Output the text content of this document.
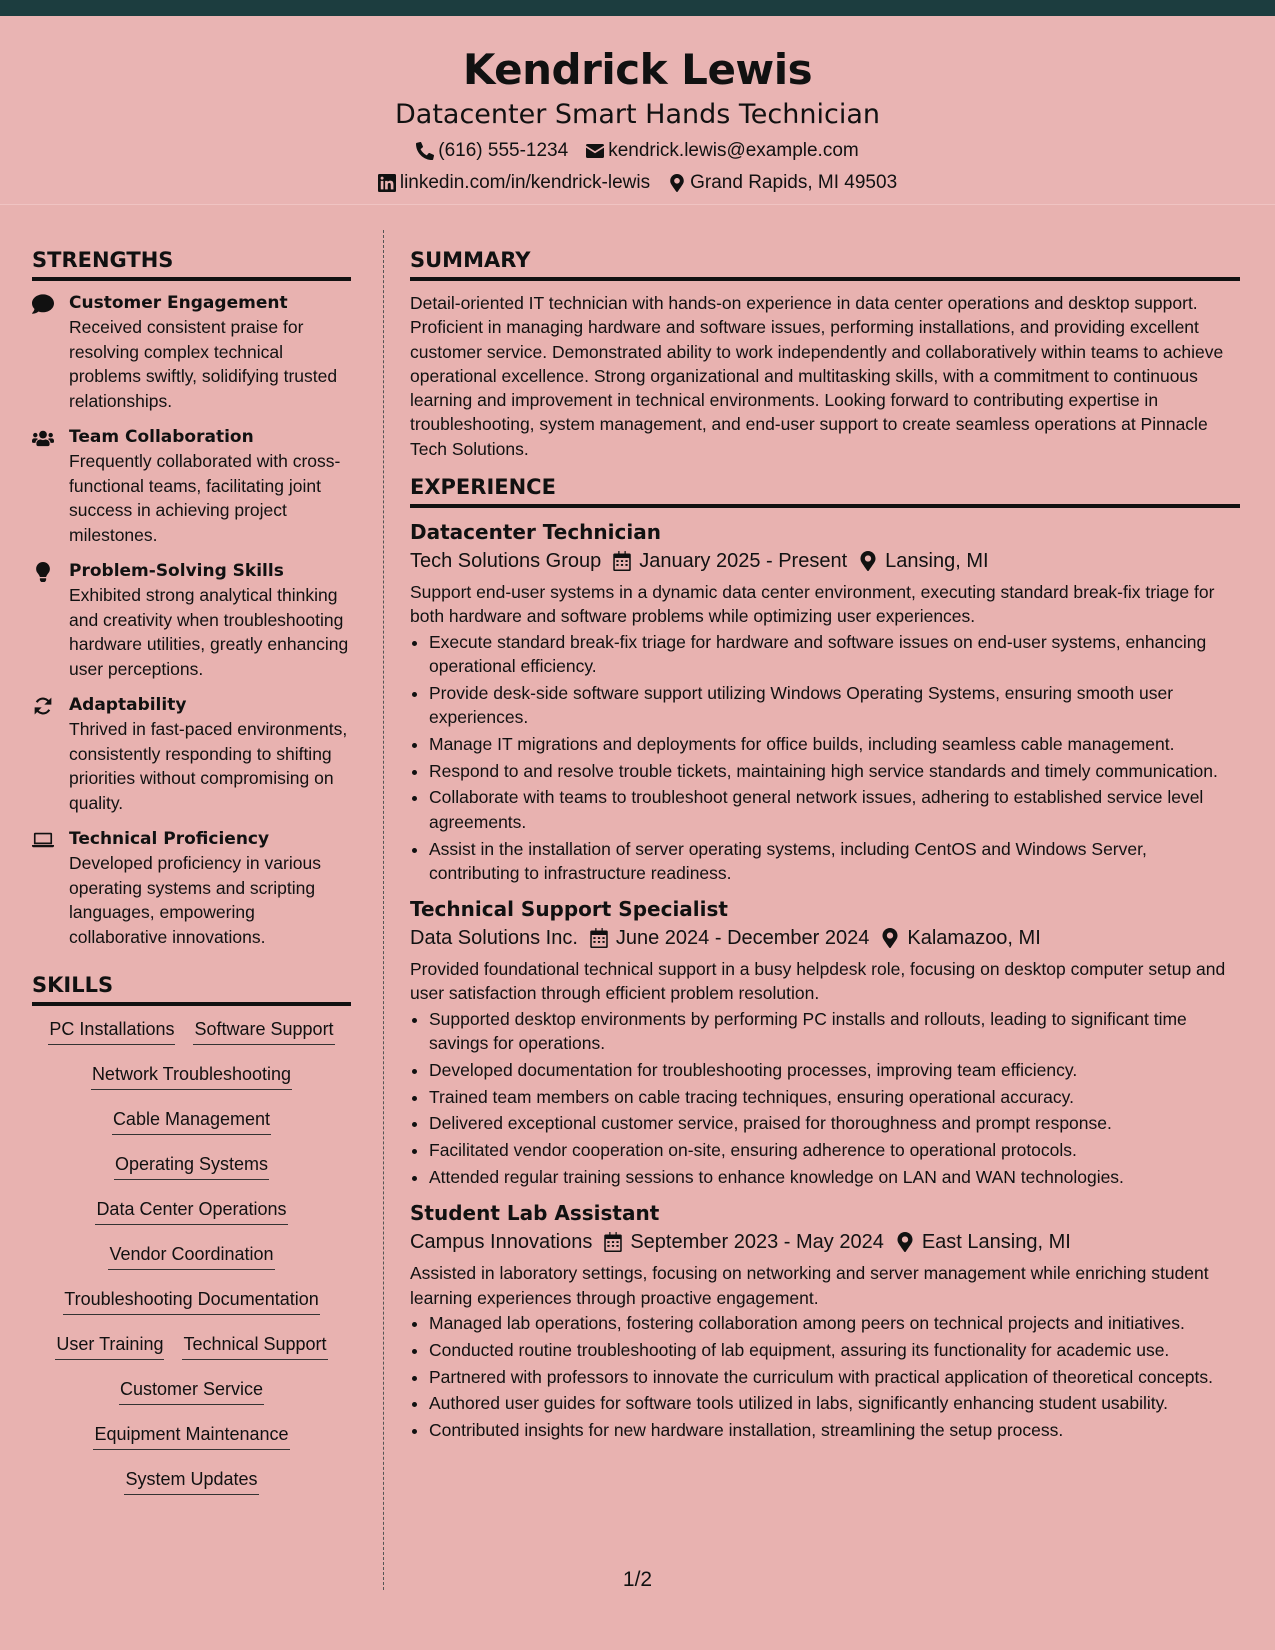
Kendrick Lewis
Datacenter Smart Hands Technician
(616) 555-1234 kendrick.lewis@example.com
linkedin.com/in/kendrick-lewis Grand Rapids, MI 49503
STRENGTHS
Customer Engagement
Received consistent praise for resolving complex technical problems swiftly, solidifying trusted relationships.
Team Collaboration
Frequently collaborated with cross-functional teams, facilitating joint success in achieving project milestones.
Problem-Solving Skills
Exhibited strong analytical thinking and creativity when troubleshooting hardware utilities, greatly enhancing user perceptions.
Adaptability
Thrived in fast-paced environments, consistently responding to shifting priorities without compromising on quality.
Technical Proficiency
Developed proficiency in various operating systems and scripting languages, empowering collaborative innovations.
SKILLS
PC Installations Software Support
Network Troubleshooting
Cable Management
Operating Systems
Data Center Operations
Vendor Coordination
Troubleshooting Documentation
User Training Technical Support
Customer Service
Equipment Maintenance
System Updates
SUMMARY
Detail-oriented IT technician with hands-on experience in data center operations and desktop support. Proficient in managing hardware and software issues, performing installations, and providing excellent customer service. Demonstrated ability to work independently and collaboratively within teams to achieve operational excellence. Strong organizational and multitasking skills, with a commitment to continuous learning and improvement in technical environments. Looking forward to contributing expertise in troubleshooting, system management, and end-user support to create seamless operations at Pinnacle Tech Solutions.
EXPERIENCE
Datacenter Technician
Tech Solutions Group January 2025 - Present Lansing, MI
Support end-user systems in a dynamic data center environment, executing standard break-fix triage for both hardware and software problems while optimizing user experiences.
• Execute standard break-fix triage for hardware and software issues on end-user systems, enhancing operational efficiency.
• Provide desk-side software support utilizing Windows Operating Systems, ensuring smooth user experiences.
• Manage IT migrations and deployments for office builds, including seamless cable management.
• Respond to and resolve trouble tickets, maintaining high service standards and timely communication.
• Collaborate with teams to troubleshoot general network issues, adhering to established service level agreements.
• Assist in the installation of server operating systems, including CentOS and Windows Server, contributing to infrastructure readiness.
Technical Support Specialist
Data Solutions Inc. June 2024 - December 2024 Kalamazoo, MI
Provided foundational technical support in a busy helpdesk role, focusing on desktop computer setup and user satisfaction through efficient problem resolution.
• Supported desktop environments by performing PC installs and rollouts, leading to significant time savings for operations.
• Developed documentation for troubleshooting processes, improving team efficiency.
• Trained team members on cable tracing techniques, ensuring operational accuracy.
• Delivered exceptional customer service, praised for thoroughness and prompt response.
• Facilitated vendor cooperation on-site, ensuring adherence to operational protocols.
• Attended regular training sessions to enhance knowledge on LAN and WAN technologies.
Student Lab Assistant
Campus Innovations September 2023 - May 2024 East Lansing, MI
Assisted in laboratory settings, focusing on networking and server management while enriching student learning experiences through proactive engagement.
• Managed lab operations, fostering collaboration among peers on technical projects and initiatives.
• Conducted routine troubleshooting of lab equipment, assuring its functionality for academic use.
• Partnered with professors to innovate the curriculum with practical application of theoretical concepts.
• Authored user guides for software tools utilized in labs, significantly enhancing student usability.
• Contributed insights for new hardware installation, streamlining the setup process.
1/2
